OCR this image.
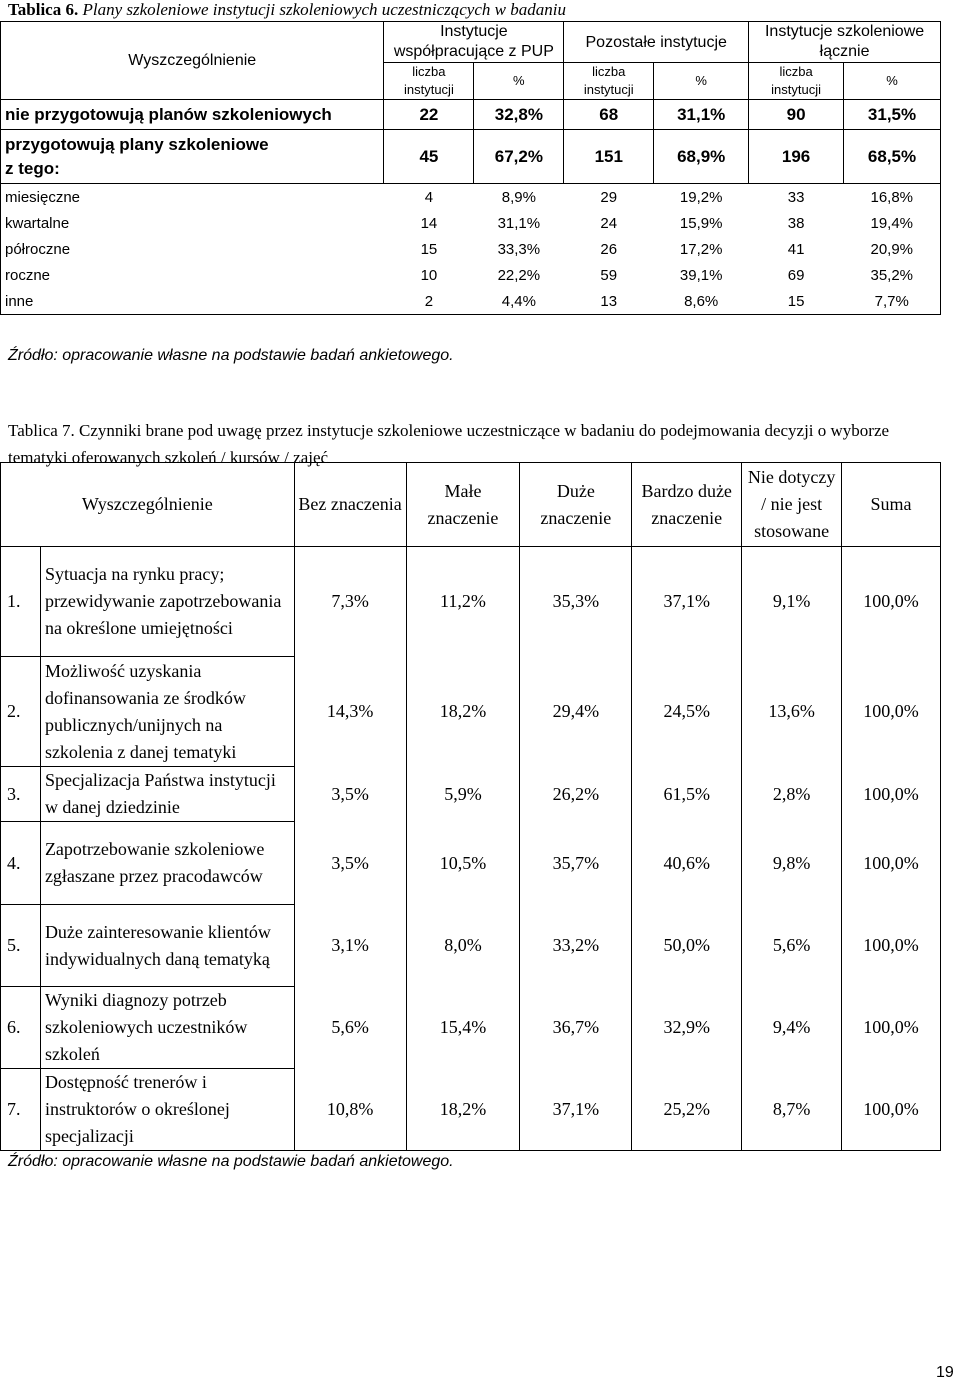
Tablica 6. Plany szkoleniowe instytucji szkoleniowych uczestniczących w badaniu
Wyszczególnienie	Instytucje współpracujące z PUP		Pozostałe instytucje		Instytucje szkoleniowe łącznie	
	liczba instytucji	%	liczba instytucji	%	liczba instytucji	%
nie przygotowują planów szkoleniowych	22	32,8%	68	31,1%	90	31,5%

przygotowują plany szkoleniowe
z tego:	45	67,2%	151	68,9%	196	68,5%
miesięczne	4	8,9%	29	19,2%	33	16,8%
kwartalne	14	31,1%	24	15,9%	38	19,4%
półroczne	15	33,3%	26	17,2%	41	20,9%
roczne	10	22,2%	59	39,1%	69	35,2%
inne	2	4,4%	13	8,6%	15	7,7%
Źródło: opracowanie własne na podstawie badań ankietowego.
Tablica 7. Czynniki brane pod uwagę przez instytucje szkoleniowe uczestniczące w badaniu do podejmowania decyzji o wyborze tematyki oferowanych szkoleń / kursów / zajęć
Wyszczególnienie		Bez znaczenia	Małe znaczenie	Duże znaczenie	Bardzo duże znaczenie	Nie dotyczy / nie jest stosowane	Suma
1.	Sytuacja na rynku pracy; przewidywanie zapotrzebowania na określone umiejętności	7,3%	11,2%	35,3%	37,1%	9,1%	100,0%
2.	Możliwość uzyskania dofinansowania ze środków publicznych/unijnych na szkolenia z danej tematyki	14,3%	18,2%	29,4%	24,5%	13,6%	100,0%
3.	Specjalizacja Państwa instytucji w danej dziedzinie	3,5%	5,9%	26,2%	61,5%	2,8%	100,0%
4.	Zapotrzebowanie szkoleniowe zgłaszane przez pracodawców	3,5%	10,5%	35,7%	40,6%	9,8%	100,0%
5.	Duże zainteresowanie klientów indywidualnych daną tematyką	3,1%	8,0%	33,2%	50,0%	5,6%	100,0%
6.	Wyniki diagnozy potrzeb szkoleniowych uczestników szkoleń	5,6%	15,4%	36,7%	32,9%	9,4%	100,0%
7.	Dostępność trenerów i instruktorów o określonej specjalizacji	10,8%	18,2%	37,1%	25,2%	8,7%	100,0%
Źródło: opracowanie własne na podstawie badań ankietowego.
19
